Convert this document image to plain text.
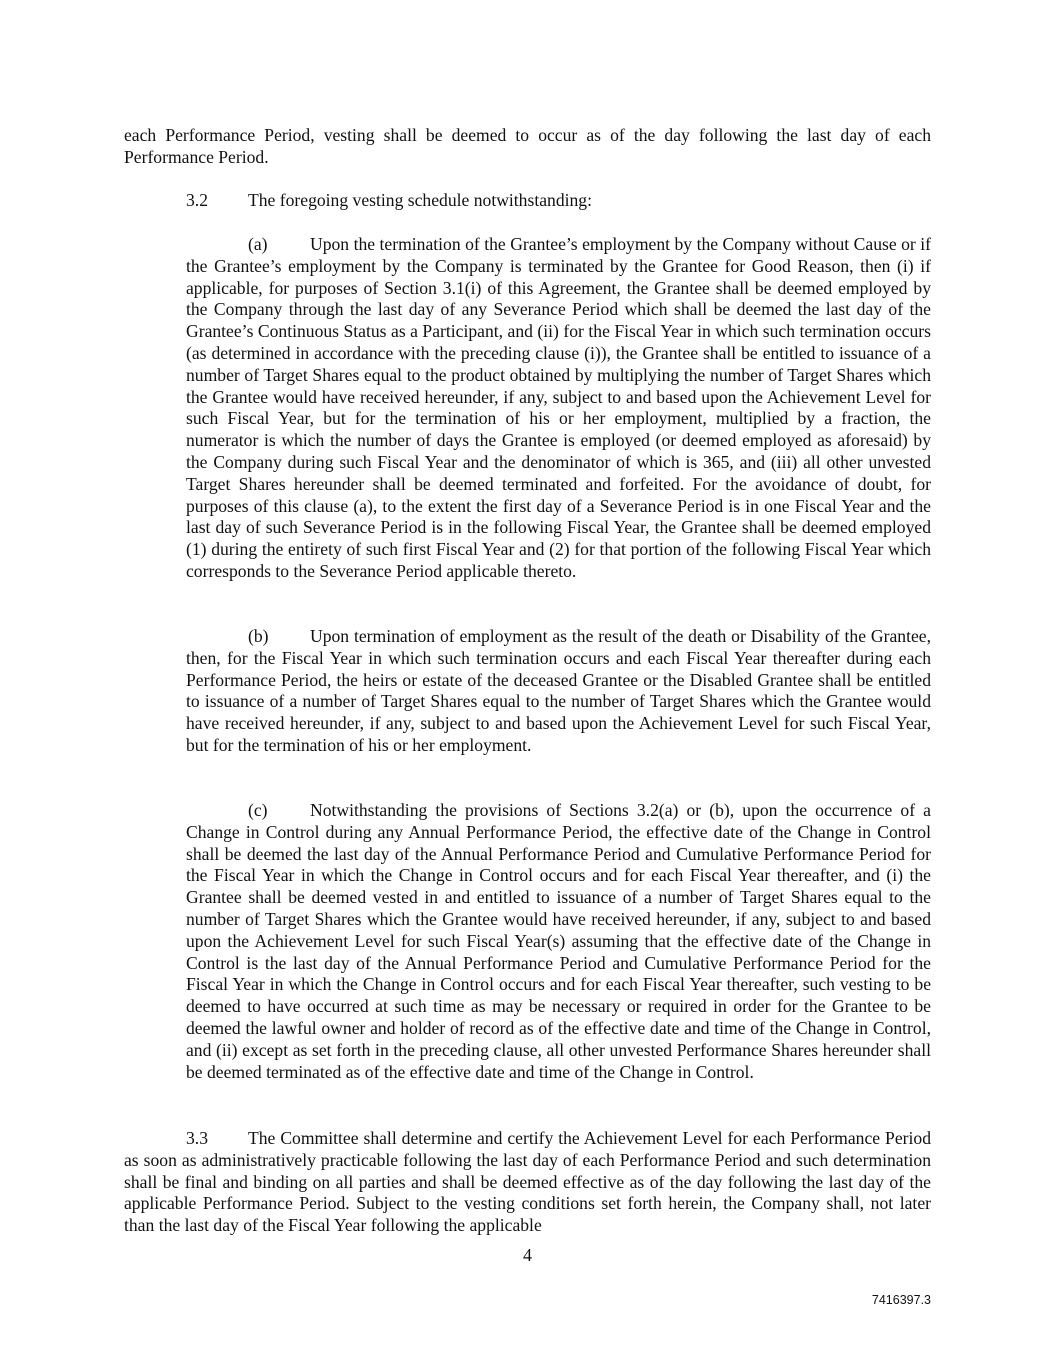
each Performance Period, vesting shall be deemed to occur as of the day following the last day of each Performance Period.

3.2 The foregoing vesting schedule notwithstanding:

(a) Upon the termination of the Grantee’s employment by the Company without Cause or if the Grantee’s employment by the Company is terminated by the Grantee for Good Reason, then (i) if applicable, for purposes of Section 3.1(i) of this Agreement, the Grantee shall be deemed employed by the Company through the last day of any Severance Period which shall be deemed the last day of the Grantee’s Continuous Status as a Participant, and (ii) for the Fiscal Year in which such termination occurs (as determined in accordance with the preceding clause (i)), the Grantee shall be entitled to issuance of a number of Target Shares equal to the product obtained by multiplying the number of Target Shares which the Grantee would have received hereunder, if any, subject to and based upon the Achievement Level for such Fiscal Year, but for the termination of his or her employment, multiplied by a fraction, the numerator is which the number of days the Grantee is employed (or deemed employed as aforesaid) by the Company during such Fiscal Year and the denominator of which is 365, and (iii) all other unvested Target Shares hereunder shall be deemed terminated and forfeited. For the avoidance of doubt, for purposes of this clause (a), to the extent the first day of a Severance Period is in one Fiscal Year and the last day of such Severance Period is in the following Fiscal Year, the Grantee shall be deemed employed (1) during the entirety of such first Fiscal Year and (2) for that portion of the following Fiscal Year which corresponds to the Severance Period applicable thereto.

(b) Upon termination of employment as the result of the death or Disability of the Grantee, then, for the Fiscal Year in which such termination occurs and each Fiscal Year thereafter during each Performance Period, the heirs or estate of the deceased Grantee or the Disabled Grantee shall be entitled to issuance of a number of Target Shares equal to the number of Target Shares which the Grantee would have received hereunder, if any, subject to and based upon the Achievement Level for such Fiscal Year, but for the termination of his or her employment.

(c) Notwithstanding the provisions of Sections 3.2(a) or (b), upon the occurrence of a Change in Control during any Annual Performance Period, the effective date of the Change in Control shall be deemed the last day of the Annual Performance Period and Cumulative Performance Period for the Fiscal Year in which the Change in Control occurs and for each Fiscal Year thereafter, and (i) the Grantee shall be deemed vested in and entitled to issuance of a number of Target Shares equal to the number of Target Shares which the Grantee would have received hereunder, if any, subject to and based upon the Achievement Level for such Fiscal Year(s) assuming that the effective date of the Change in Control is the last day of the Annual Performance Period and Cumulative Performance Period for the Fiscal Year in which the Change in Control occurs and for each Fiscal Year thereafter, such vesting to be deemed to have occurred at such time as may be necessary or required in order for the Grantee to be deemed the lawful owner and holder of record as of the effective date and time of the Change in Control, and (ii) except as set forth in the preceding clause, all other unvested Performance Shares hereunder shall be deemed terminated as of the effective date and time of the Change in Control.

3.3 The Committee shall determine and certify the Achievement Level for each Performance Period as soon as administratively practicable following the last day of each Performance Period and such determination shall be final and binding on all parties and shall be deemed effective as of the day following the last day of the applicable Performance Period. Subject to the vesting conditions set forth herein, the Company shall, not later than the last day of the Fiscal Year following the applicable

4
7416397.3
